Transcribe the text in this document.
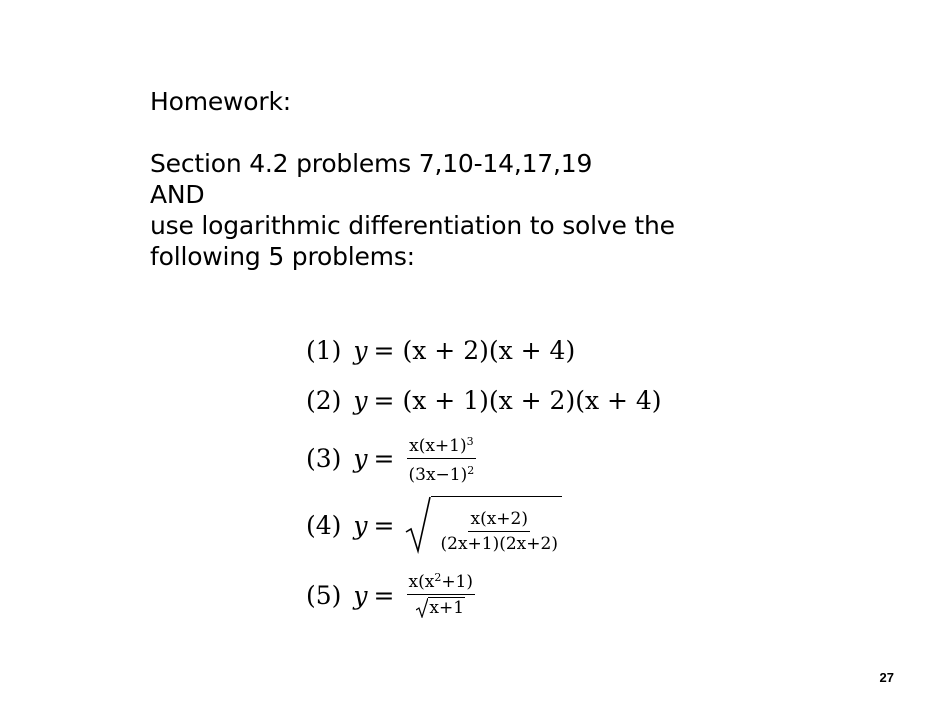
Homework:
Section 4.2 problems 7,10-14,17,19
AND
use logarithmic differentiation to solve the
following 5 problems:
(1) y = (x + 2)(x + 4)
(2) y = (x + 1)(x + 2)(x + 4)
(3) $y = \frac{x(x+1)^3}{(3x-1)^2}$
(4) y =	$\frac{x(x+2)}{(2x+1)(2x+2)}$
(5) $y = \frac{x(x^2+1)}{x+1}$
27
